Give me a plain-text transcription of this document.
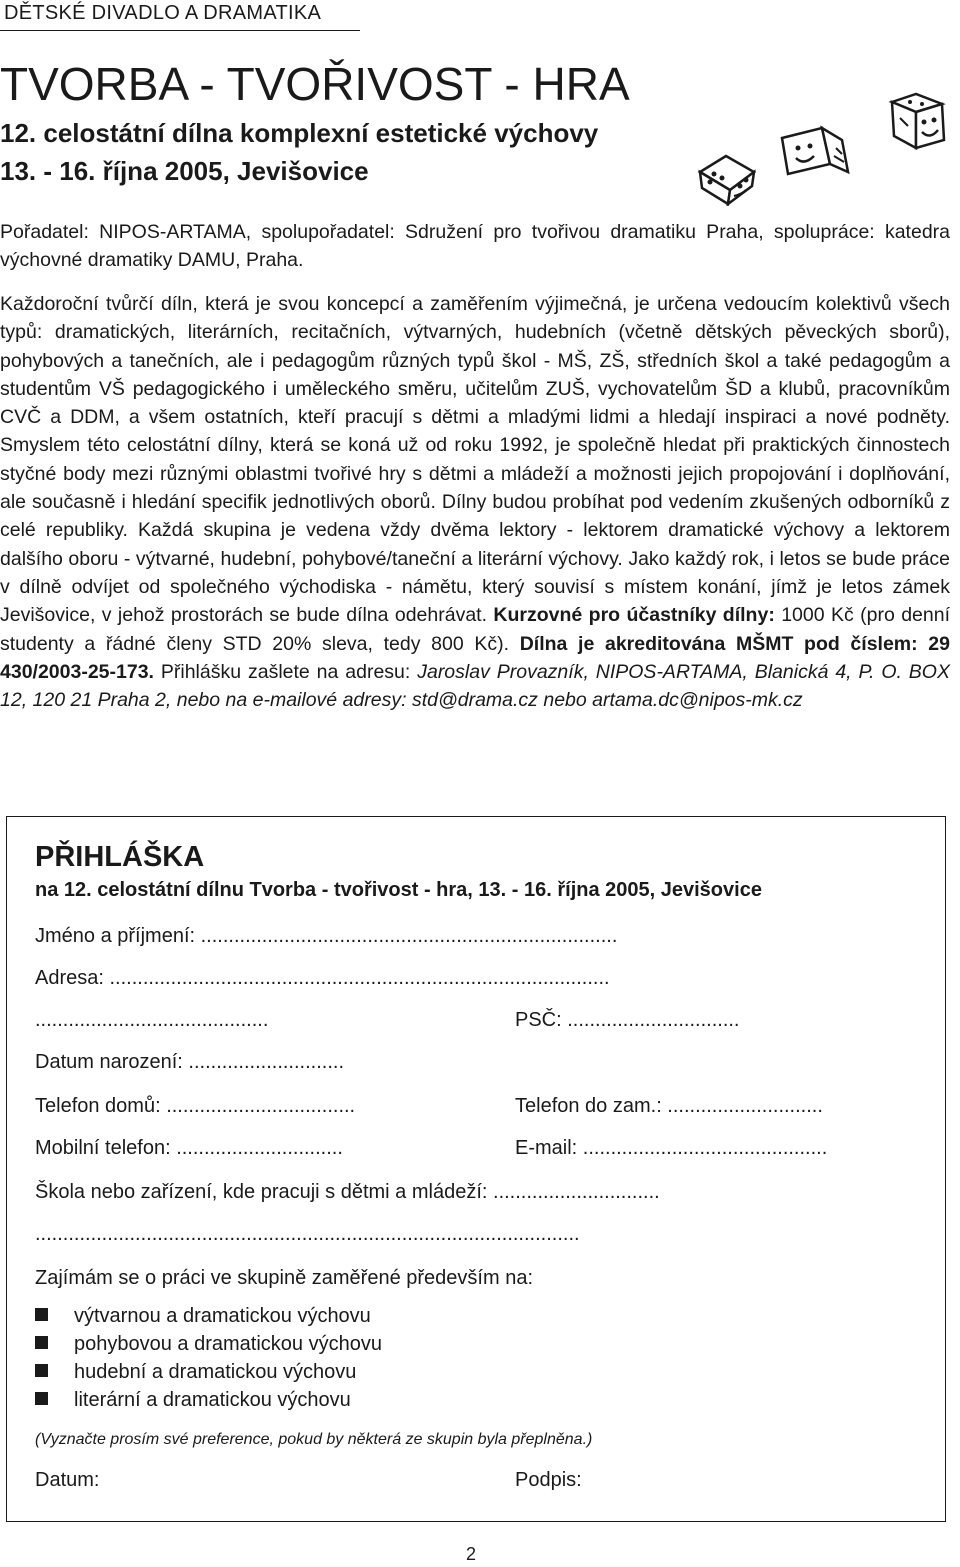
DĚTSKÉ DIVADLO A DRAMATIKA
TVORBA - TVOŘIVOST - HRA
12. celostátní dílna komplexní estetické výchovy
13. - 16. října 2005, Jevišovice

Pořadatel: NIPOS-ARTAMA, spolupořadatel: Sdružení pro tvořivou dramatiku Praha, spolupráce: katedra výchovné dramatiky DAMU, Praha.

Každoroční tvůrčí díln, která je svou koncepcí a zaměřením výjimečná, je určena vedoucím kolektivů všech typů: dramatických, literárních, recitačních, výtvarných, hudebních (včetně dětských pěveckých sborů), pohybových a tanečních, ale i pedagogům různých typů škol - MŠ, ZŠ, středních škol a také pedagogům a studentům VŠ pedagogického i uměleckého směru, učitelům ZUŠ, vychovatelům ŠD a klubů, pracovníkům CVČ a DDM, a všem ostatních, kteří pracují s dětmi a mladými lidmi a hledají inspiraci a nové podněty. Smyslem této celostátní dílny, která se koná už od roku 1992, je společně hledat při praktických činnostech styčné body mezi různými oblastmi tvořivé hry s dětmi a mládeží a možnosti jejich propojování i doplňování, ale současně i hledání specifik jednotlivých oborů. Dílny budou probíhat pod vedením zkušených odborníků z celé republiky. Každá skupina je vedena vždy dvěma lektory - lektorem dramatické výchovy a lektorem dalšího oboru - výtvarné, hudební, pohybové/taneční a literární výchovy. Jako každý rok, i letos se bude práce v dílně odvíjet od společného východiska - námětu, který souvisí s místem konání, jímž je letos zámek Jevišovice, v jehož prostorách se bude dílna odehrávat. Kurzovné pro účastníky dílny: 1000 Kč (pro denní studenty a řádné členy STD 20% sleva, tedy 800 Kč). Dílna je akreditována MŠMT pod číslem: 29 430/2003-25-173. Přihlášku zašlete na adresu: Jaroslav Provazník, NIPOS-ARTAMA, Blanická 4, P. O. BOX 12, 120 21 Praha 2, nebo na e-mailové adresy: std@drama.cz nebo artama.dc@nipos-mk.cz

PŘIHLÁŠKA
na 12. celostátní dílnu Tvorba - tvořivost - hra, 13. - 16. října 2005, Jevišovice
Jméno a příjmení: ...........................................................................
Adresa: ..........................................................................................
..........................................	PSČ: ...............................
Datum narození: ............................
Telefon domů: ..................................	Telefon do zam.: ............................
Mobilní telefon: ..............................	E-mail: ............................................
Škola nebo zařízení, kde pracuji s dětmi a mládeží: ..............................
..................................................................................................
Zajímám se o práci ve skupině zaměřené především na:
výtvarnou a dramatickou výchovu
pohybovou a dramatickou výchovu
hudební a dramatickou výchovu
literární a dramatickou výchovu
(Vyznačte prosím své preference, pokud by některá ze skupin byla přeplněna.)
Datum:	Podpis:
2
